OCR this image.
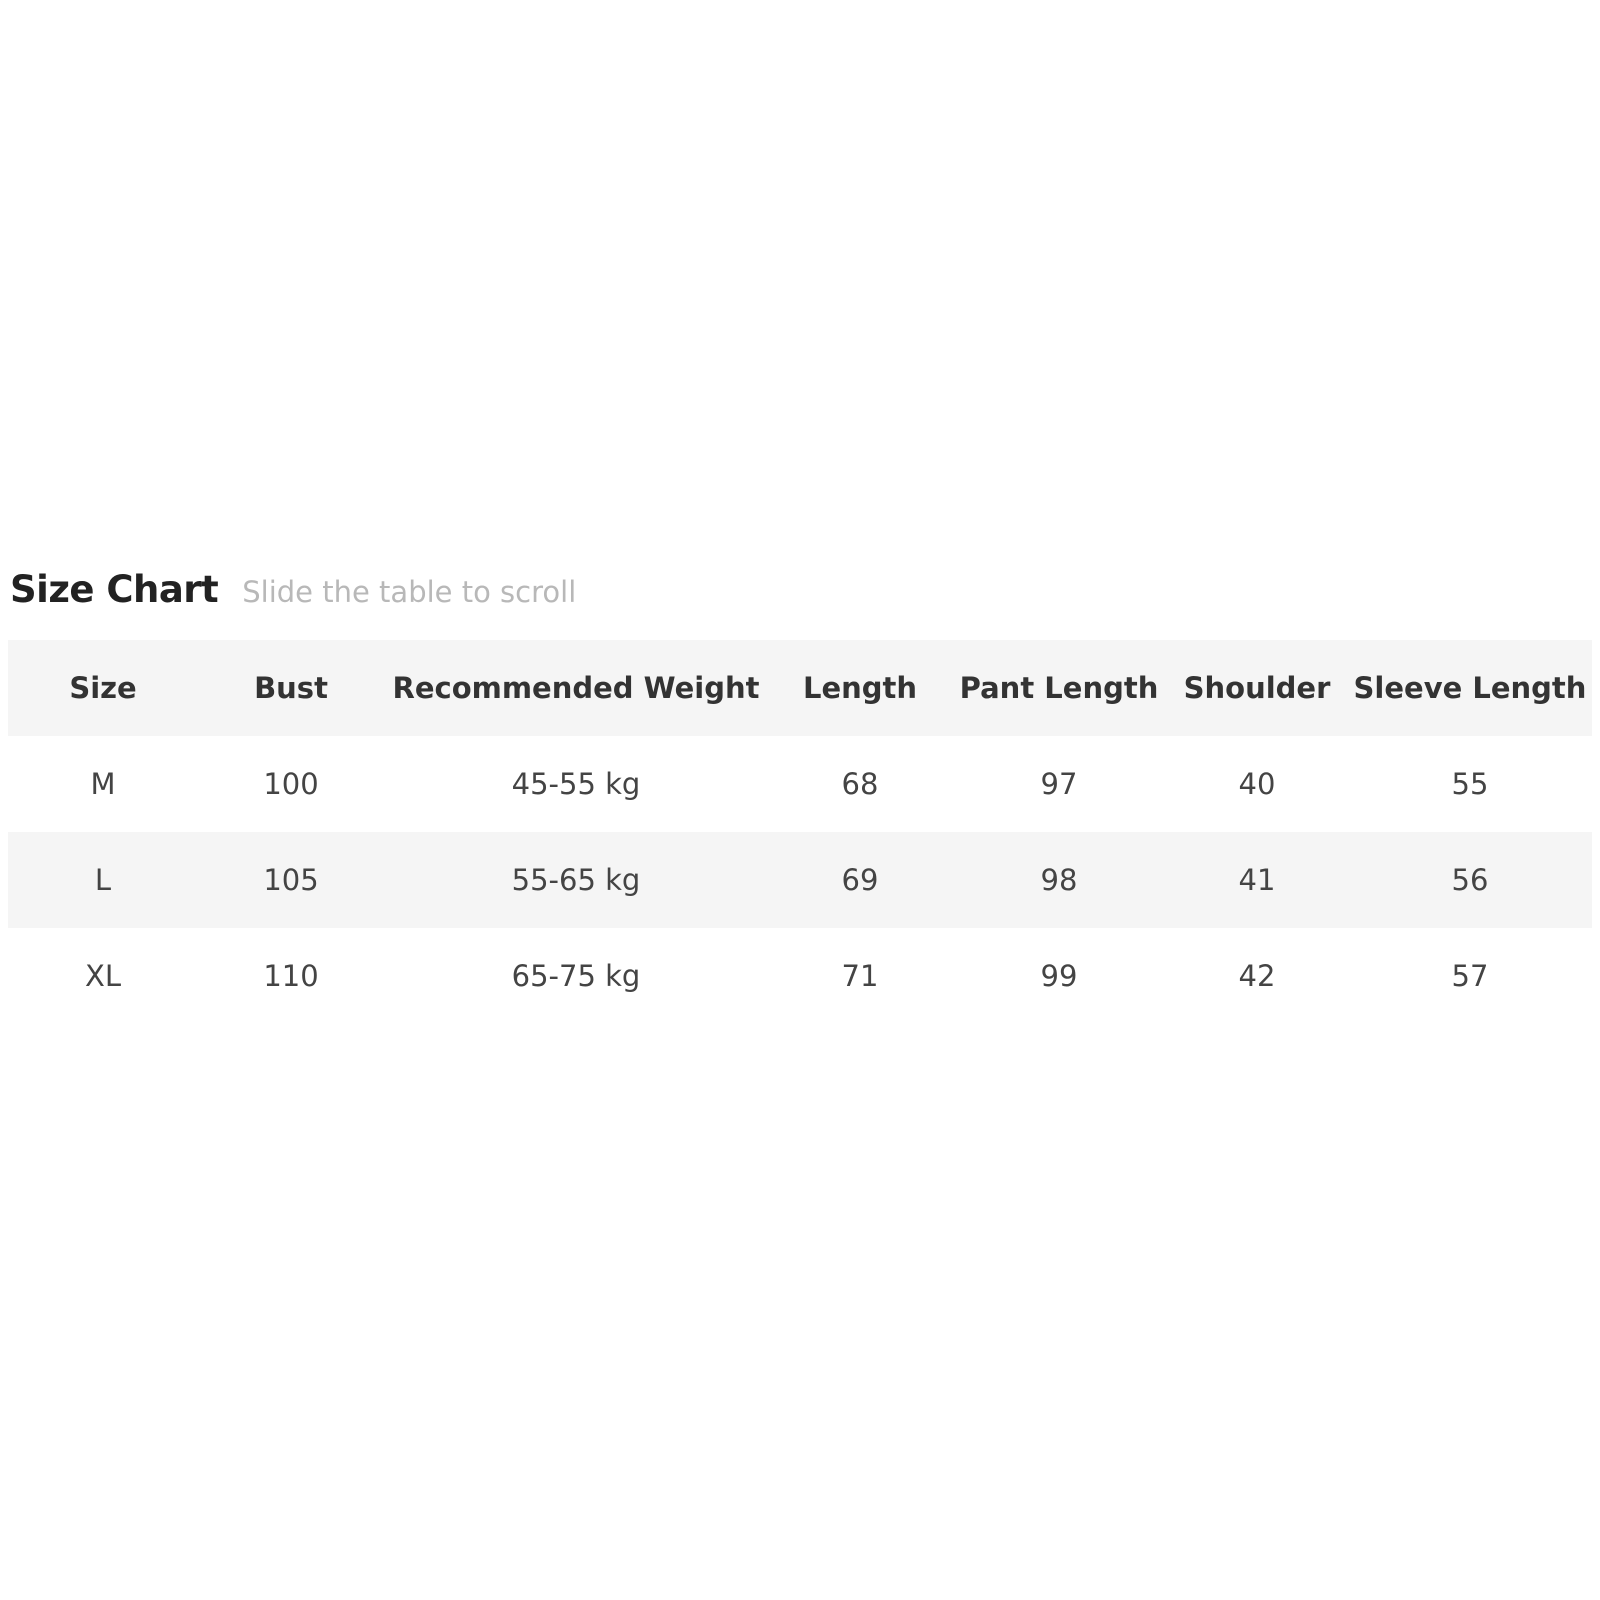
Size Chart Slide the table to scroll
Size	Bust	Recommended Weight	Length	Pant Length	Shoulder	Sleeve Length
M	100	45-55 kg	68	97	40	55
L	105	55-65 kg	69	98	41	56
XL	110	65-75 kg	71	99	42	57
